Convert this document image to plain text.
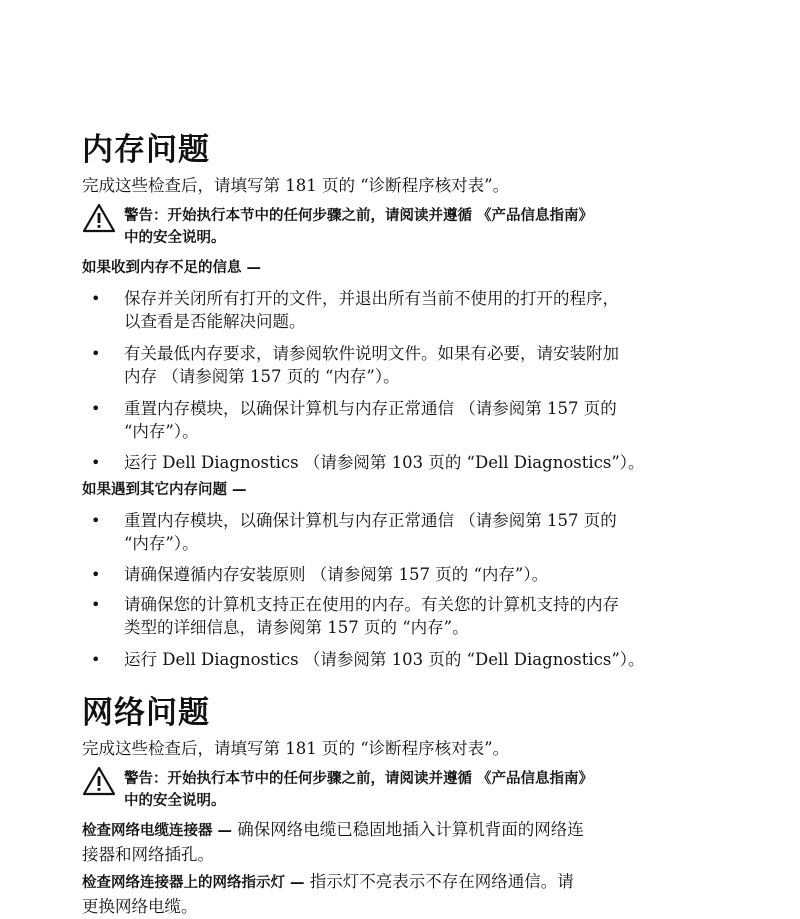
内存问题

完成这些检查后，请填写第 181 页的 “诊断程序核对表”。

警告：开始执行本节中的任何步骤之前，请阅读并遵循 《产品信息指南》
中的安全说明。

如果收到内存不足的信息 —

• 保存并关闭所有打开的文件，并退出所有当前不使用的打开的程序，
以查看是否能解决问题。
• 有关最低内存要求，请参阅软件说明文件。如果有必要，请安装附加
内存 （请参阅第 157 页的 “内存”）。
• 重置内存模块，以确保计算机与内存正常通信 （请参阅第 157 页的
“内存”）。
• 运行 Dell Diagnostics （请参阅第 103 页的 “Dell Diagnostics”）。

如果遇到其它内存问题 —

• 重置内存模块，以确保计算机与内存正常通信 （请参阅第 157 页的
“内存”）。
• 请确保遵循内存安装原则 （请参阅第 157 页的 “内存”）。
• 请确保您的计算机支持正在使用的内存。有关您的计算机支持的内存
类型的详细信息，请参阅第 157 页的 “内存”。
• 运行 Dell Diagnostics （请参阅第 103 页的 “Dell Diagnostics”）。
网络问题

完成这些检查后，请填写第 181 页的 “诊断程序核对表”。

警告：开始执行本节中的任何步骤之前，请阅读并遵循 《产品信息指南》
中的安全说明。
检查网络电缆连接器 — 确保网络电缆已稳固地插入计算机背面的网络连
接器和网络插孔。
检查网络连接器上的网络指示灯 — 指示灯不亮表示不存在网络通信。请
更换网络电缆。
